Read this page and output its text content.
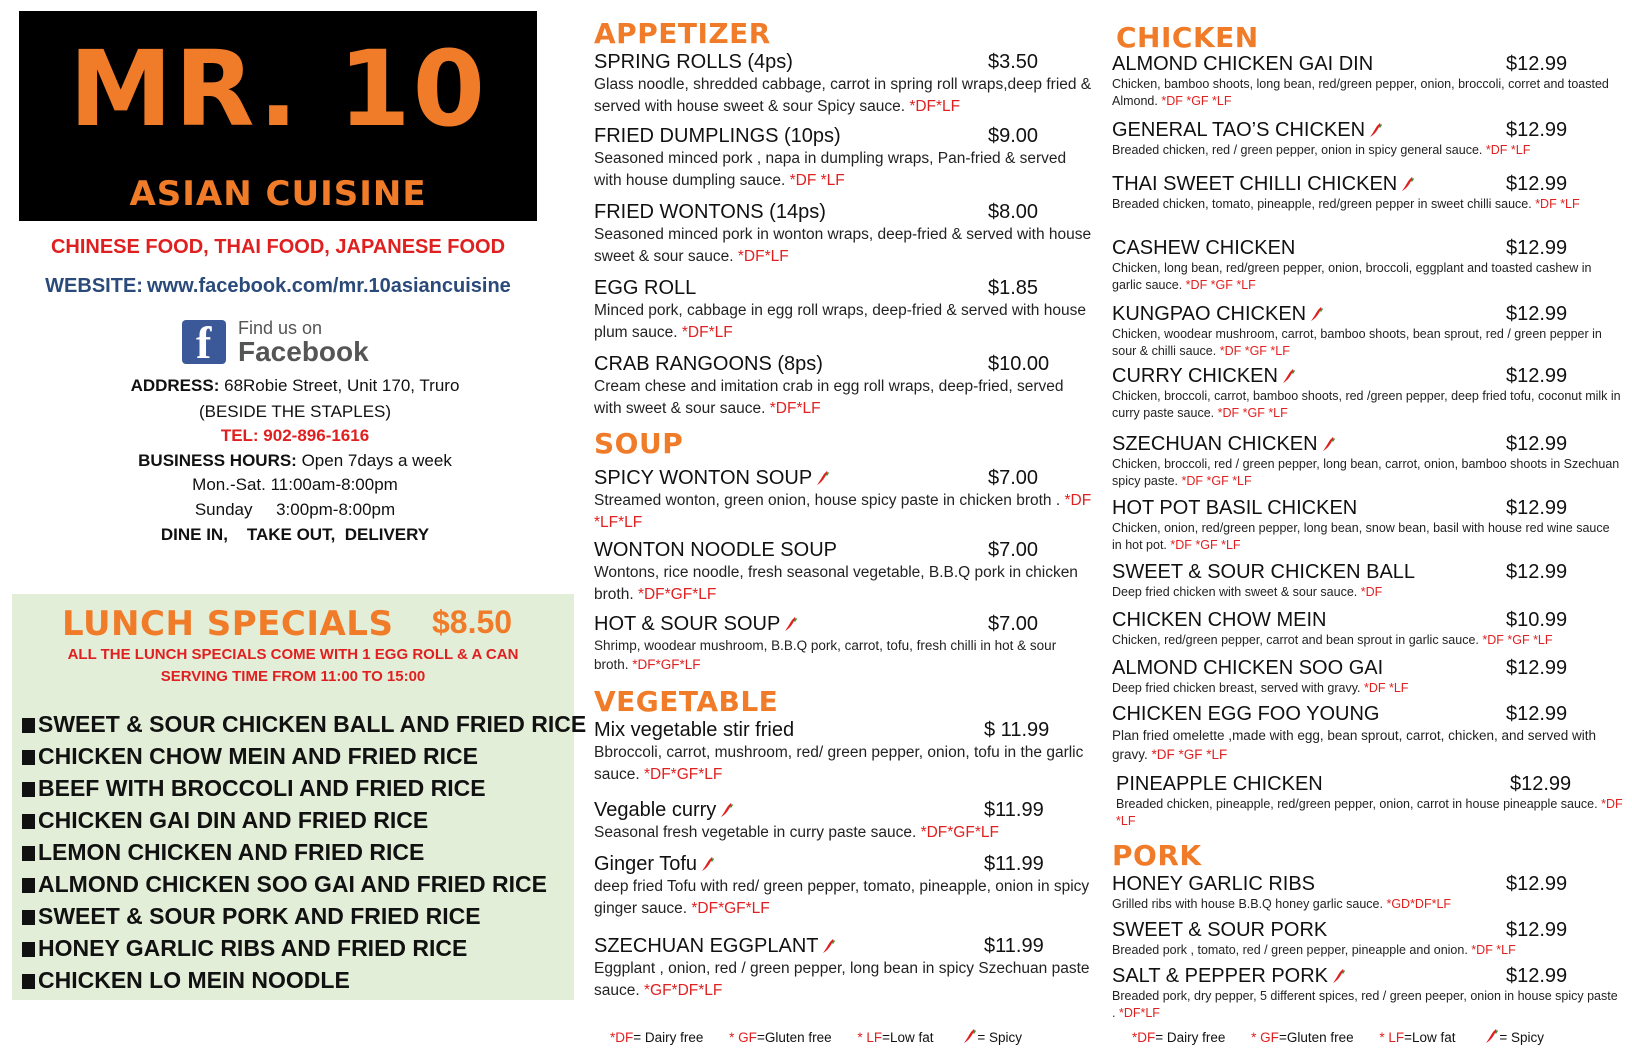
MR. 10
ASIAN CUISINE
CHINESE FOOD, THAI FOOD, JAPANESE FOOD
WEBSITE: www.facebook.com/mr.10asiancuisine
f Find us on
Facebook
ADDRESS: 68Robie Street, Unit 170, Truro
(BESIDE THE STAPLES)
TEL: 902-896-1616
BUSINESS HOURS: Open 7days a week
Mon.-Sat. 11:00am-8:00pm
Sunday     3:00pm-8:00pm
DINE IN,    TAKE OUT,  DELIVERY
LUNCH SPECIALS $8.50
ALL THE LUNCH SPECIALS COME WITH 1 EGG ROLL & A CAN
SERVING TIME FROM 11:00 TO 15:00
SWEET & SOUR CHICKEN BALL AND FRIED RICE
CHICKEN CHOW MEIN AND FRIED RICE
BEEF WITH BROCCOLI AND FRIED RICE
CHICKEN GAI DIN AND FRIED RICE
LEMON CHICKEN AND FRIED RICE
ALMOND CHICKEN SOO GAI AND FRIED RICE
SWEET & SOUR PORK AND FRIED RICE
HONEY GARLIC RIBS AND FRIED RICE
CHICKEN LO MEIN NOODLE
APPETIZER
SOUP
VEGETABLE
SPRING ROLLS (4ps)	$3.50
Glass noodle, shredded cabbage, carrot in spring roll wraps,deep fried & served with house sweet & sour Spicy sauce. *DF*LF
FRIED DUMPLINGS (10ps)	$9.00
Seasoned minced pork , napa in dumpling wraps, Pan-fried & served with house dumpling sauce. *DF *LF
FRIED WONTONS (14ps)	$8.00
Seasoned minced pork in wonton wraps, deep-fried & served with house sweet & sour sauce. *DF*LF
EGG ROLL	$1.85
Minced pork, cabbage in egg roll wraps, deep-fried & served with house plum sauce. *DF*LF
CRAB RANGOONS (8ps)	$10.00
Cream chese and imitation crab in egg roll wraps, deep-fried, served with sweet & sour sauce. *DF*LF
SPICY WONTON SOUP	$7.00
Streamed wonton, green onion, house spicy paste in chicken broth . *DF *LF*LF
WONTON NOODLE SOUP	$7.00
Wontons, rice noodle, fresh seasonal vegetable, B.B.Q pork in chicken broth. *DF*GF*LF
HOT & SOUR SOUP	$7.00
Shrimp, woodear mushroom, B.B.Q pork, carrot, tofu, fresh chilli in hot & sour broth. *DF*GF*LF
Mix vegetable stir fried	$ 11.99
Bbroccoli, carrot, mushroom, red/ green pepper, onion, tofu in the garlic sauce. *DF*GF*LF
Vegable curry	$11.99
Seasonal fresh vegetable in curry paste sauce. *DF*GF*LF
Ginger Tofu	$11.99
deep fried Tofu with red/ green pepper, tomato, pineapple, onion in spicy ginger sauce. *DF*GF*LF
SZECHUAN EGGPLANT	$11.99
Eggplant , onion, red / green pepper, long bean in spicy Szechuan paste sauce. *GF*DF*LF
CHICKEN
PORK
ALMOND CHICKEN GAI DIN	$12.99
Chicken, bamboo shoots, long bean, red/green pepper, onion, broccoli, corret and toasted Almond. *DF *GF *LF
GENERAL TAO’S CHICKEN	$12.99
Breaded chicken, red / green pepper, onion in spicy general sauce. *DF *LF
THAI SWEET CHILLI CHICKEN	$12.99
Breaded chicken, tomato, pineapple, red/green pepper in sweet chilli sauce. *DF *LF
CASHEW CHICKEN	$12.99
Chicken, long bean, red/green pepper, onion, broccoli, eggplant and toasted cashew in garlic sauce. *DF *GF *LF
KUNGPAO CHICKEN	$12.99
Chicken, woodear mushroom, carrot, bamboo shoots, bean sprout, red / green pepper in sour & chilli sauce. *DF *GF *LF
CURRY CHICKEN	$12.99
Chicken, broccoli, carrot, bamboo shoots, red /green pepper, deep fried tofu, coconut milk in curry paste sauce. *DF *GF *LF
SZECHUAN CHICKEN	$12.99
Chicken, broccoli, red / green pepper, long bean, carrot, onion, bamboo shoots in Szechuan spicy paste. *DF *GF *LF
HOT POT BASIL CHICKEN	$12.99
Chicken, onion, red/green pepper, long bean, snow bean, basil with house red wine sauce in hot pot. *DF *GF *LF
SWEET & SOUR CHICKEN BALL	$12.99
Deep fried chicken with sweet & sour sauce. *DF
CHICKEN CHOW MEIN	$10.99
Chicken, red/green pepper, carrot and bean sprout in garlic sauce. *DF *GF *LF
ALMOND CHICKEN SOO GAI	$12.99
Deep fried chicken breast, served with gravy. *DF *LF
CHICKEN EGG FOO YOUNG	$12.99
Plan fried omelette ,made with egg, bean sprout, carrot, chicken, and served with gravy. *DF *GF *LF
PINEAPPLE CHICKEN	$12.99
Breaded chicken, pineapple, red/green pepper, onion, carrot in house pineapple sauce. *DF *LF
HONEY GARLIC RIBS	$12.99
Grilled ribs with house B.B.Q honey garlic sauce. *GD*DF*LF
SWEET & SOUR PORK	$12.99
Breaded pork , tomato, red / green pepper, pineapple and onion. *DF *LF
SALT & PEPPER PORK	$12.99
Breaded pork, dry pepper, 5 different spices, red / green peeper, onion in house spicy paste . *DF*LF
*DF= Dairy free * GF=Gluten free * LF=Low fat	= Spicy	*DF= Dairy free * GF=Gluten free * LF=Low fat	= Spicy
